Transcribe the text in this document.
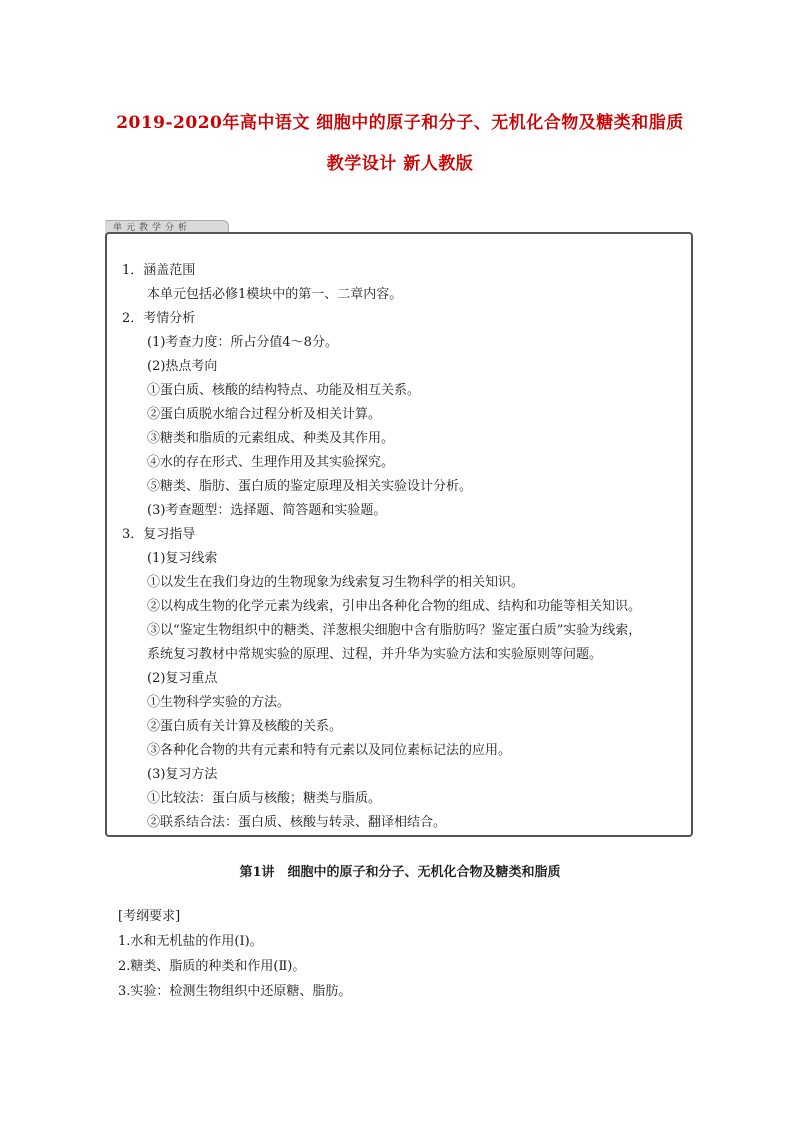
2019-2020年高中语文 细胞中的原子和分子、无机化合物及糖类和脂质
教学设计 新人教版
单元教学分析
1．涵盖范围
本单元包括必修1模块中的第一、二章内容。
2．考情分析
(1)考查力度：所占分值4～8分。
(2)热点考向
①蛋白质、核酸的结构特点、功能及相互关系。
②蛋白质脱水缩合过程分析及相关计算。
③糖类和脂质的元素组成、种类及其作用。
④水的存在形式、生理作用及其实验探究。
⑤糖类、脂肪、蛋白质的鉴定原理及相关实验设计分析。
(3)考查题型：选择题、简答题和实验题。
3．复习指导
(1)复习线索
①以发生在我们身边的生物现象为线索复习生物科学的相关知识。
②以构成生物的化学元素为线索，引申出各种化合物的组成、结构和功能等相关知识。
③以“鉴定生物组织中的糖类、洋葱根尖细胞中含有脂肪吗？鉴定蛋白质”实验为线索，
系统复习教材中常规实验的原理、过程，并升华为实验方法和实验原则等问题。
(2)复习重点
①生物科学实验的方法。
②蛋白质有关计算及核酸的关系。
③各种化合物的共有元素和特有元素以及同位素标记法的应用。
(3)复习方法
①比较法：蛋白质与核酸；糖类与脂质。
②联系结合法：蛋白质、核酸与转录、翻译相结合。
第1讲　细胞中的原子和分子、无机化合物及糖类和脂质
[考纲要求]
1.水和无机盐的作用(Ⅰ)。
2.糖类、脂质的种类和作用(Ⅱ)。
3.实验：检测生物组织中还原糖、脂肪。
